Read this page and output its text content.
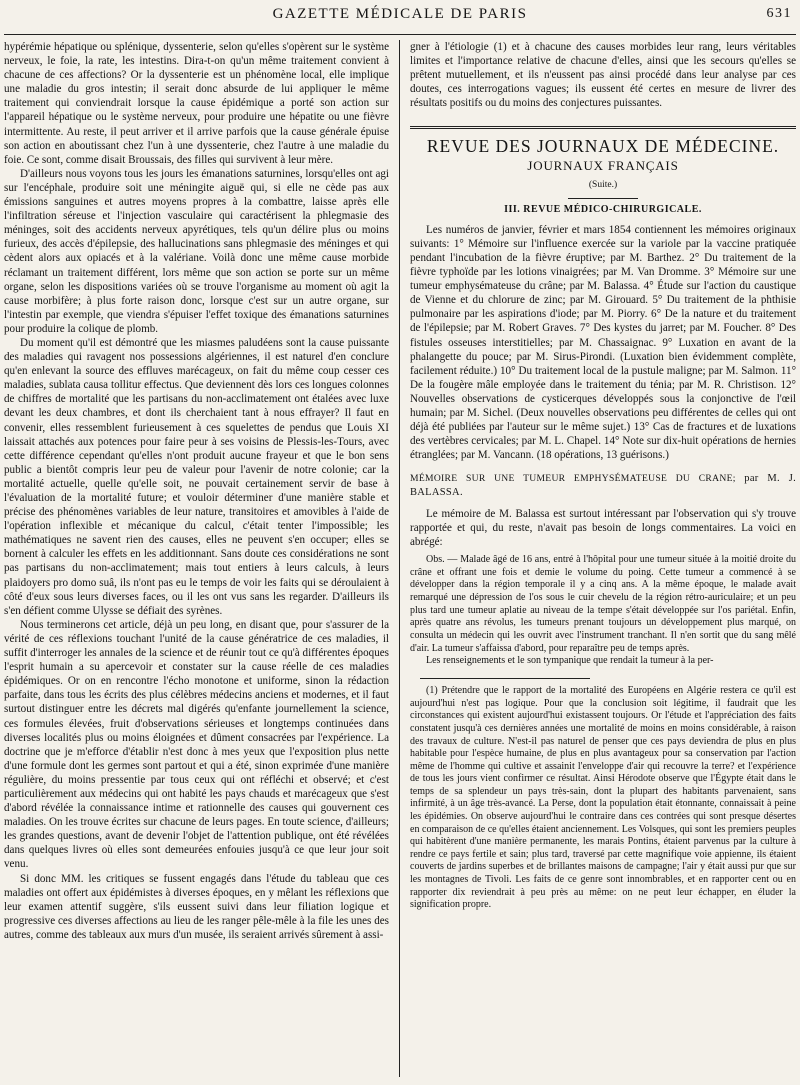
GAZETTE MÉDICALE DE PARIS	631

hypérémie hépatique ou splénique, dyssenterie, selon qu'elles s'opèrent sur le système nerveux, le foie, la rate, les intestins. Dira-t-on qu'un même traitement convient à chacune de ces affections? Or la dyssenterie est un phénomène local, elle implique une maladie du gros intestin; il serait donc absurde de lui appliquer le même traitement qui conviendrait lorsque la cause épidémique a porté son action sur l'appareil hépatique ou le système nerveux, pour produire une hépatite ou une fièvre intermittente. Au reste, il peut arriver et il arrive parfois que la cause générale épuise son action en aboutissant chez l'un à une dyssenterie, chez l'autre à une maladie du foie. Ce sont, comme disait Broussais, des filles qui survivent à leur mère.

D'ailleurs nous voyons tous les jours les émanations saturnines, lorsqu'elles ont agi sur l'encéphale, produire soit une méningite aiguë qui, si elle ne cède pas aux émissions sanguines et autres moyens propres à la combattre, laisse après elle l'infiltration séreuse et l'injection vasculaire qui caractérisent la phlegmasie des méninges, soit des accidents nerveux apyrétiques, tels qu'un délire plus ou moins furieux, des accès d'épilepsie, des hallucinations sans phlegmasie des méninges et qui cèdent alors aux opiacés et à la valériane. Voilà donc une même cause morbide réclamant un traitement différent, lors même que son action se porte sur un même organe, selon les dispositions variées où se trouve l'organisme au moment où agit la cause morbifère; à plus forte raison donc, lorsque c'est sur un autre organe, sur l'intestin par exemple, que viendra s'épuiser l'effet toxique des émanations saturnines pour produire la colique de plomb.

Du moment qu'il est démontré que les miasmes paludéens sont la cause puissante des maladies qui ravagent nos possessions algériennes, il est naturel d'en conclure qu'en enlevant la source des effluves marécageux, on fait du même coup cesser ces maladies, sublata causa tollitur effectus. Que deviennent dès lors ces longues colonnes de chiffres de mortalité que les partisans du non-acclimatement ont étalées avec luxe devant les deux chambres, et dont ils cherchaient tant à nous effrayer? Il faut en convenir, elles ressemblent furieusement à ces squelettes de pendus que Louis XI laissait attachés aux potences pour faire peur à ses voisins de Plessis-les-Tours, avec cette différence cependant qu'elles n'ont produit aucune frayeur et que le bon sens public a bientôt compris leur peu de valeur pour l'avenir de notre colonie; car la mortalité actuelle, quelle qu'elle soit, ne pouvait certainement servir de base à l'évaluation de la mortalité future; et vouloir déterminer d'une manière stable et précise des phénomènes variables de leur nature, transitoires et amovibles à l'aide de l'opération inflexible et mécanique du calcul, c'était tenter l'impossible; les mathématiques ne savent rien des causes, elles ne peuvent s'en occuper; elles se bornent à calculer les effets en les additionnant. Sans doute ces considérations ne sont pas partisans du non-acclimatement; mais tout entiers à leurs calculs, à leurs plaidoyers pro domo suâ, ils n'ont pas eu le temps de voir les faits qui se déroulaient à côté d'eux sous leurs diverses faces, ou il les ont vus sans les regarder. D'ailleurs ils s'en défient comme Ulysse se défiait des syrènes.

Nous terminerons cet article, déjà un peu long, en disant que, pour s'assurer de la vérité de ces réflexions touchant l'unité de la cause génératrice de ces maladies, il suffit d'interroger les annales de la science et de réunir tout ce qu'à différentes époques l'esprit humain a su apercevoir et constater sur la cause réelle de ces maladies épidémiques. Or on en rencontre l'écho monotone et uniforme, sinon la rédaction parfaite, dans tous les écrits des plus célèbres médecins anciens et modernes, et il faut surtout distinguer entre les décrets mal digérés qu'enfante journellement la science, ces formules élevées, fruit d'observations sérieuses et longtemps continuées dans diverses localités plus ou moins éloignées et dûment consacrées par l'expérience. La doctrine que je m'efforce d'établir n'est donc à mes yeux que l'exposition plus nette d'une formule dont les germes sont partout et qui a été, sinon exprimée d'une manière régulière, du moins pressentie par tous ceux qui ont réfléchi et observé; et c'est particulièrement aux médecins qui ont habité les pays chauds et marécageux que s'est d'abord révélée la connaissance intime et rationnelle des causes qui gouvernent ces maladies. On les trouve écrites sur chacune de leurs pages. En toute science, d'ailleurs; les grandes questions, avant de devenir l'objet de l'attention publique, ont été révélées dans quelques livres où elles sont demeurées enfouies jusqu'à ce que leur jour soit venu.

Si donc MM. les critiques se fussent engagés dans l'étude du tableau que ces maladies ont offert aux épidémistes à diverses époques, en y mêlant les réflexions que leur examen attentif suggère, s'ils eussent suivi dans leur filiation logique et progressive ces diverses affections au lieu de les ranger pêle-mêle à la file les unes des autres, comme des tableaux aux murs d'un musée, ils seraient arrivés sûrement à assi-

gner à l'étiologie (1) et à chacune des causes morbides leur rang, leurs véritables limites et l'importance relative de chacune d'elles, ainsi que les secours qu'elles se prêtent mutuellement, et ils n'eussent pas ainsi procédé dans leur analyse par ces doutes, ces interrogations vagues; ils eussent été certes en mesure de livrer des résultats positifs ou du moins des conjectures puissantes.

REVUE DES JOURNAUX DE MÉDECINE.
JOURNAUX FRANÇAIS
(Suite.)
III. REVUE MÉDICO-CHIRURGICALE.

Les numéros de janvier, février et mars 1854 contiennent les mémoires originaux suivants: 1° Mémoire sur l'influence exercée sur la variole par la vaccine pratiquée pendant l'incubation de la fièvre éruptive; par M. Barthez. 2° Du traitement de la fièvre typhoïde par les lotions vinaigrées; par M. Van Dromme. 3° Mémoire sur une tumeur emphysémateuse du crâne; par M. Balassa. 4° Étude sur l'action du caustique de Vienne et du chlorure de zinc; par M. Girouard. 5° Du traitement de la phthisie pulmonaire par les aspirations d'iode; par M. Piorry. 6° De la nature et du traitement de l'épilepsie; par M. Robert Graves. 7° Des kystes du jarret; par M. Foucher. 8° Des fistules osseuses interstitielles; par M. Chassaignac. 9° Luxation en avant de la phalangette du pouce; par M. Sirus-Pirondi. (Luxation bien évidemment complète, facilement réduite.) 10° Du traitement local de la pustule maligne; par M. Salmon. 11° De la fougère mâle employée dans le traitement du ténia; par M. R. Christison. 12° Nouvelles observations de cysticerques développés sous la conjonctive de l'œil humain; par M. Sichel. (Deux nouvelles observations peu différentes de celles qui ont déjà été publiées par l'auteur sur le même sujet.) 13° Cas de fractures et de luxations des vertèbres cervicales; par M. L. Chapel. 14° Note sur dix-huit opérations de hernies étranglées; par M. Vancann. (18 opérations, 13 guérisons.)

MÉMOIRE SUR UNE TUMEUR EMPHYSÉMATEUSE DU CRANE; par M. J. BALASSA.

Le mémoire de M. Balassa est surtout intéressant par l'observation qui s'y trouve rapportée et qui, du reste, n'avait pas besoin de longs commentaires. La voici en abrégé:

Obs. — Malade âgé de 16 ans, entré à l'hôpital pour une tumeur située à la moitié droite du crâne et offrant une fois et demie le volume du poing. Cette tumeur a commencé à se développer dans la région temporale il y a cinq ans. A la même époque, le malade avait remarqué une dépression de l'os sous le cuir chevelu de la région rétro-auriculaire; et un peu plus tard une tumeur aplatie au niveau de la tempe s'était développée sur l'os pariétal. Enfin, après quatre ans révolus, les tumeurs prenant toujours un développement plus marqué, on consulta un médecin qui les ouvrit avec l'instrument tranchant. Il n'en sortit que du sang mêlé d'air. La tumeur s'affaissa d'abord, pour reparaître peu de temps après.

Les renseignements et le son tympanique que rendait la tumeur à la per-

(1) Prétendre que le rapport de la mortalité des Européens en Algérie restera ce qu'il est aujourd'hui n'est pas logique. Pour que la conclusion soit légitime, il faudrait que les circonstances qui existent aujourd'hui existassent toujours. Or l'étude et l'appréciation des faits constatent jusqu'à ces dernières années une mortalité de moins en moins considérable, à raison des travaux de culture. N'est-il pas naturel de penser que ces pays deviendra de plus en plus habitable pour l'espèce humaine, de plus en plus avantageux pour sa conservation par l'action même de l'homme qui cultive et assainit l'enveloppe d'air qui recouvre la terre? et l'expérience de tous les jours vient confirmer ce résultat. Ainsi Hérodote observe que l'Égypte était dans le temps de sa splendeur un pays très-sain, dont la plupart des habitants parvenaient, sans infirmité, à un âge très-avancé. La Perse, dont la population était étonnante, connaissait à peine les épidémies. On observe aujourd'hui le contraire dans ces contrées qui sont presque désertes en comparaison de ce qu'elles étaient anciennement. Les Volsques, qui sont les premiers peuples qui habitèrent d'une manière permanente, les marais Pontins, étaient parvenus par la culture à rendre ce pays fertile et sain; plus tard, traversé par cette magnifique voie appienne, ils étaient couverts de jardins superbes et de brillantes maisons de campagne; l'air y était aussi pur que sur les montagnes de Tivoli. Les faits de ce genre sont innombrables, et en rapporter cent ou en rapporter dix reviendrait à peu près au même: on ne peut leur échapper, en éluder la signification propre.
